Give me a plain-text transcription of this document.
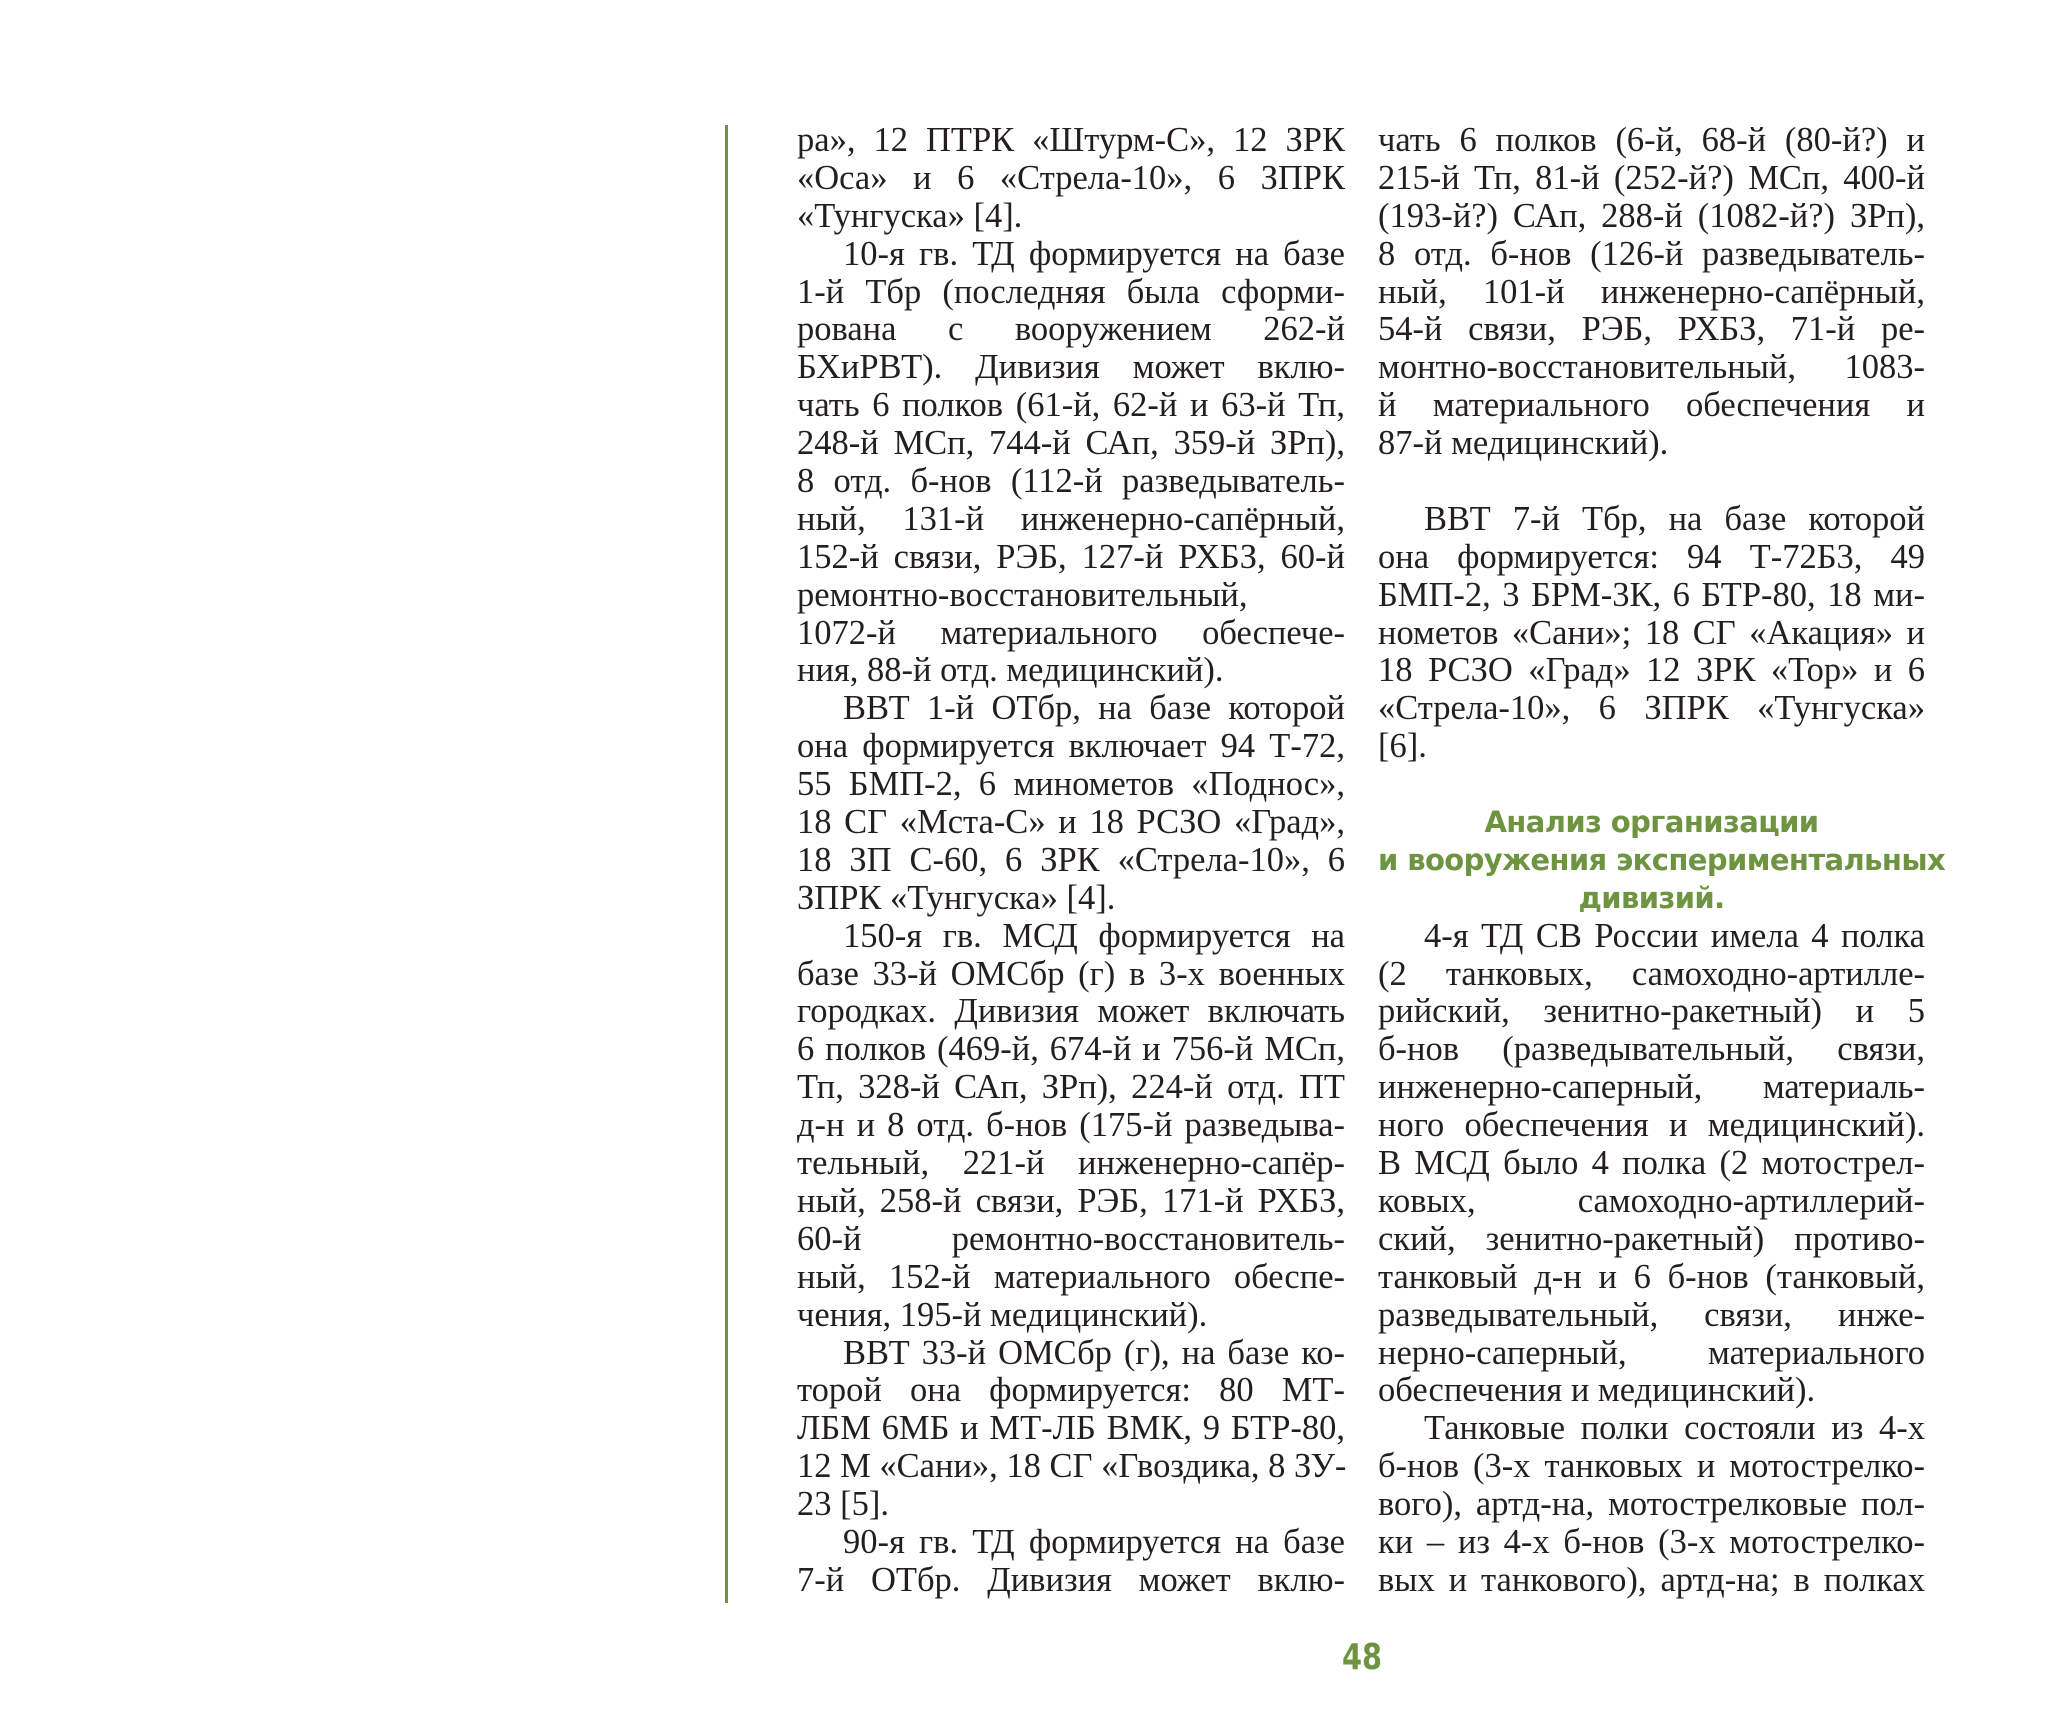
ра», 12 ПТРК «Штурм-С», 12 ЗРК
«Оса» и 6 «Стрела-10», 6 ЗПРК
«Тунгуска» [4].
10-я гв. ТД формируется на базе
1-й Тбр (последняя была сформи-
рована с вооружением 262-й
БХиРВТ). Дивизия может вклю-
чать 6 полков (61-й, 62-й и 63-й Тп,
248-й МСп, 744-й САп, 359-й ЗРп),
8 отд. б-нов (112-й разведыватель-
ный, 131-й инженерно-сапёрный,
152-й связи, РЭБ, 127-й РХБЗ, 60-й
ремонтно-восстановительный,
1072-й материального обеспече-
ния, 88-й отд. медицинский).
ВВТ 1-й ОТбр, на базе которой
она формируется включает 94 Т-72,
55 БМП-2, 6 минометов «Поднос»,
18 СГ «Мста-С» и 18 РСЗО «Град»,
18 ЗП С-60, 6 ЗРК «Стрела-10», 6
ЗПРК «Тунгуска» [4].
150-я гв. МСД формируется на
базе 33-й ОМСбр (г) в 3-х военных
городках. Дивизия может включать
6 полков (469-й, 674-й и 756-й МСп,
Тп, 328-й САп, ЗРп), 224-й отд. ПТ
д-н и 8 отд. б-нов (175-й разведыва-
тельный, 221-й инженерно-сапёр-
ный, 258-й связи, РЭБ, 171-й РХБЗ,
60-й ремонтно-восстановитель-
ный, 152-й материального обеспе-
чения, 195-й медицинский).
ВВТ 33-й ОМСбр (г), на базе ко-
торой она формируется: 80 МТ-
ЛБМ 6МБ и МТ-ЛБ ВМК, 9 БТР-80,
12 М «Сани», 18 СГ «Гвоздика, 8 ЗУ-
23 [5].
90-я гв. ТД формируется на базе
7-й ОТбр. Дивизия может вклю-
чать 6 полков (6-й, 68-й (80-й?) и
215-й Тп, 81-й (252-й?) МСп, 400-й
(193-й?) САп, 288-й (1082-й?) ЗРп),
8 отд. б-нов (126-й разведыватель-
ный, 101-й инженерно-сапёрный,
54-й связи, РЭБ, РХБЗ, 71-й ре-
монтно-восстановительный, 1083-
й материального обеспечения и
87-й медицинский).
ВВТ 7-й Тбр, на базе которой
она формируется: 94 Т-72Б3, 49
БМП-2, 3 БРМ-3К, 6 БТР-80, 18 ми-
нометов «Сани»; 18 СГ «Акация» и
18 РСЗО «Град» 12 ЗРК «Тор» и 6
«Стрела-10», 6 ЗПРК «Тунгуска»
[6].
Анализ организации
и вооружения экспериментальных
дивизий.
4-я ТД СВ России имела 4 полка
(2 танковых, самоходно-артилле-
рийский, зенитно-ракетный) и 5
б-нов (разведывательный, связи,
инженерно-саперный, материаль-
ного обеспечения и медицинский).
В МСД было 4 полка (2 мотострел-
ковых, самоходно-артиллерий-
ский, зенитно-ракетный) противо-
танковый д-н и 6 б-нов (танковый,
разведывательный, связи, инже-
нерно-саперный, материального
обеспечения и медицинский).
Танковые полки состояли из 4-х
б-нов (3-х танковых и мотострелко-
вого), артд-на, мотострелковые пол-
ки – из 4-х б-нов (3-х мотострелко-
вых и танкового), артд-на; в полках
48
